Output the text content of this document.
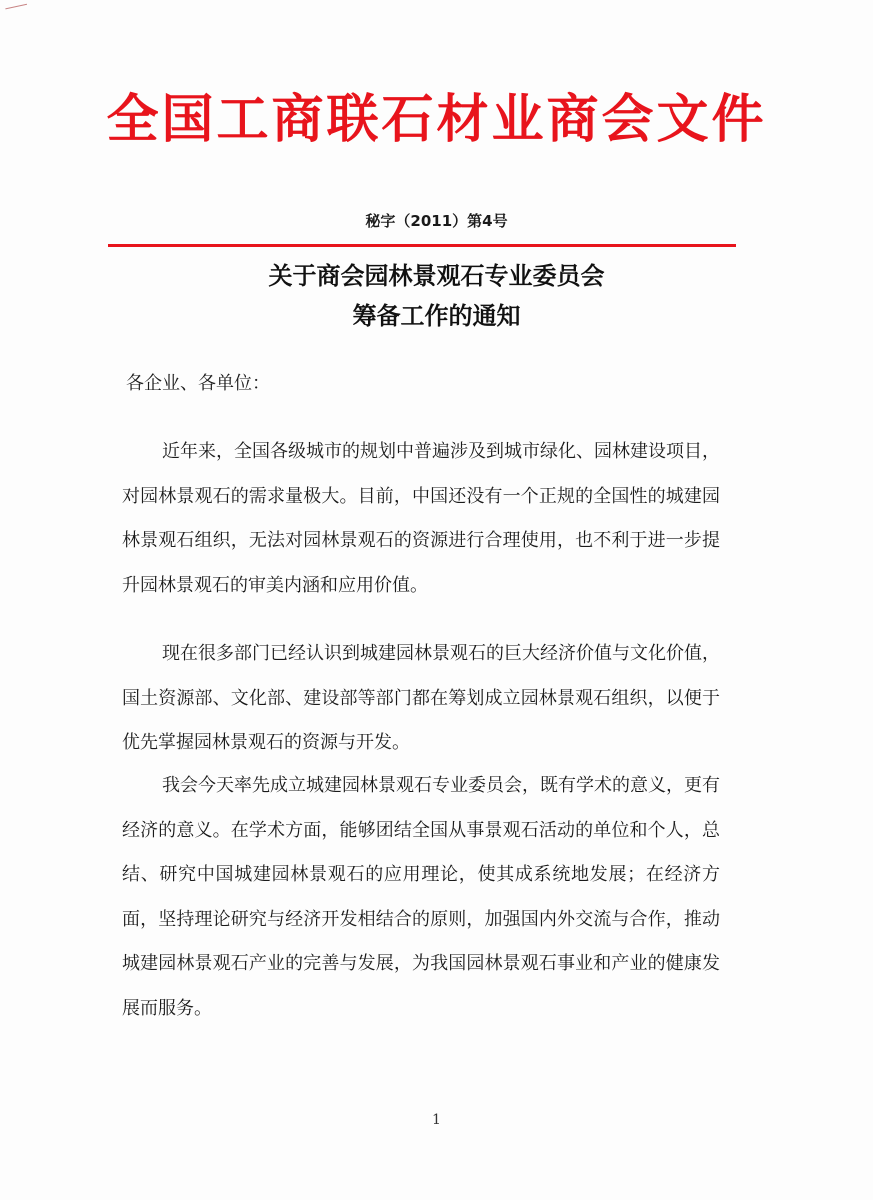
全国工商联石材业商会文件
秘字（2011）第4号
关于商会园林景观石专业委员会
筹备工作的通知
各企业、各单位：

近年来，全国各级城市的规划中普遍涉及到城市绿化、园林建设项目，对园林景观石的需求量极大。目前，中国还没有一个正规的全国性的城建园林景观石组织，无法对园林景观石的资源进行合理使用，也不利于进一步提升园林景观石的审美内涵和应用价值。

现在很多部门已经认识到城建园林景观石的巨大经济价值与文化价值，国土资源部、文化部、建设部等部门都在筹划成立园林景观石组织，以便于优先掌握园林景观石的资源与开发。

我会今天率先成立城建园林景观石专业委员会，既有学术的意义，更有经济的意义。在学术方面，能够团结全国从事景观石活动的单位和个人，总结、研究中国城建园林景观石的应用理论，使其成系统地发展；在经济方面，坚持理论研究与经济开发相结合的原则，加强国内外交流与合作，推动城建园林景观石产业的完善与发展，为我国园林景观石事业和产业的健康发展而服务。

1
